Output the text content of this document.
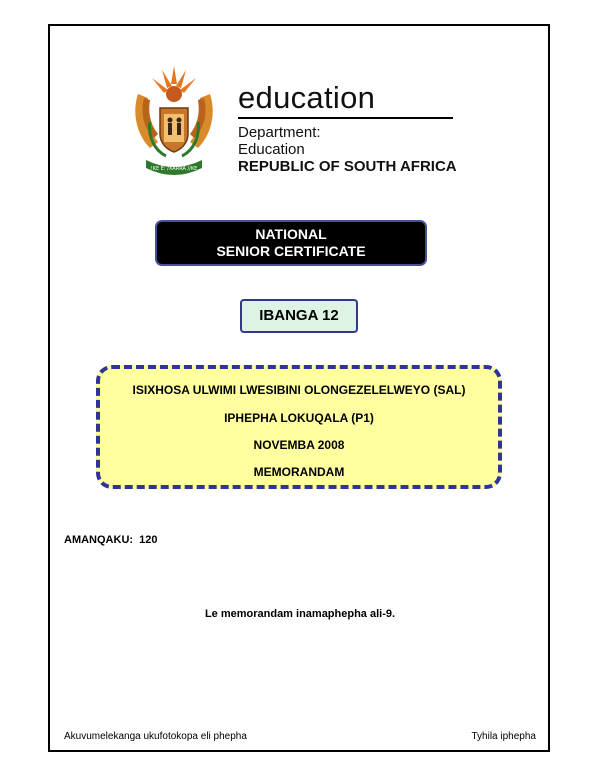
!KE E: /XARRA //KE
education
Department:
Education
REPUBLIC OF SOUTH AFRICA
NATIONAL
SENIOR CERTIFICATE
IBANGA 12
ISIXHOSA ULWIMI LWESIBINI OLONGEZELELWEYO (SAL)
IPHEPHA LOKUQALA (P1)
NOVEMBA 2008
MEMORANDAM
AMANQAKU: 120
Le memorandam inamaphepha ali-9.
Akuvumelekanga ukufotokopa eli phepha	Tyhila iphepha
